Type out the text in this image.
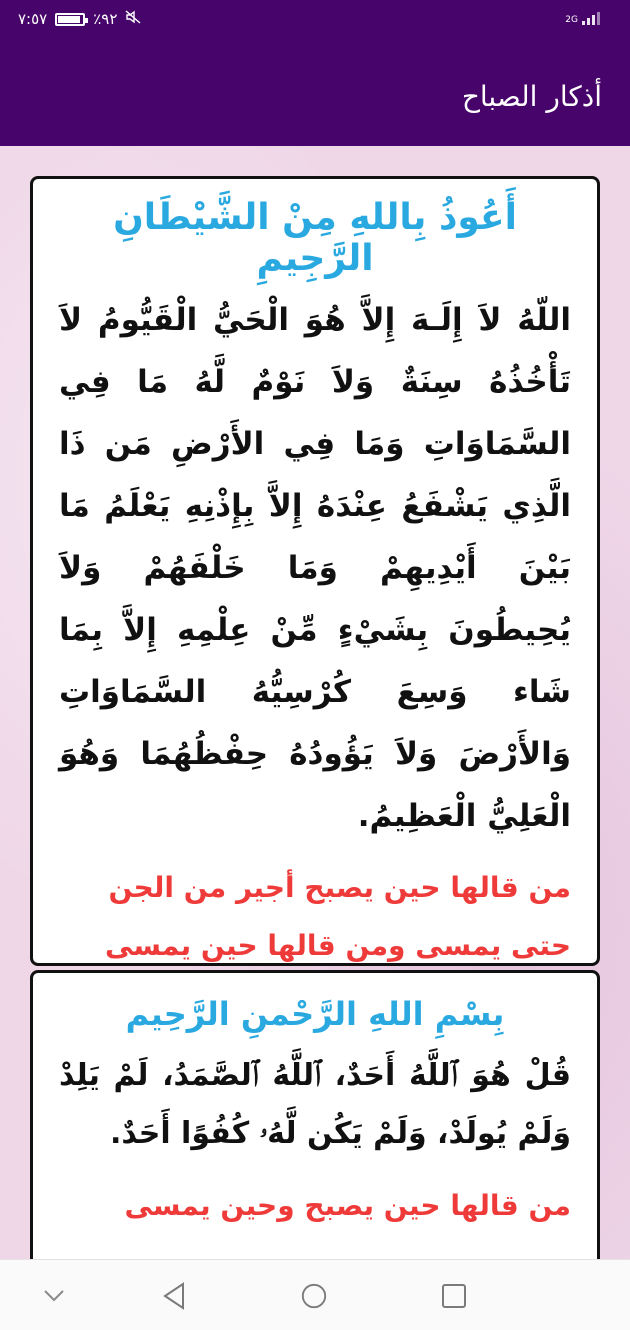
٧:٥٧	٪٩٢	2G
أذكار الصباح
أَعُوذُ بِاللهِ مِنْ الشَّيْطَانِ الرَّجِيمِ
اللّهُ لاَ إِلَـهَ إِلاَّ هُوَ الْحَيُّ الْقَيُّومُ لاَ تَأْخُذُهُ سِنَةٌ وَلاَ نَوْمٌ لَّهُ مَا فِي السَّمَاوَاتِ وَمَا فِي الأَرْضِ مَن ذَا الَّذِي يَشْفَعُ عِنْدَهُ إِلاَّ بِإِذْنِهِ يَعْلَمُ مَا بَيْنَ أَيْدِيهِمْ وَمَا خَلْفَهُمْ وَلاَ يُحِيطُونَ بِشَيْءٍ مِّنْ عِلْمِهِ إِلاَّ بِمَا شَاء وَسِعَ كُرْسِيُّهُ السَّمَاوَاتِ وَالأَرْضَ وَلاَ يَؤُودُهُ حِفْظُهُمَا وَهُوَ الْعَلِيُّ الْعَظِيمُ.
من قالها حين يصبح أجير من الجن حتى يمسى ومن قالها حين يمسى
بِسْمِ اللهِ الرَّحْمنِ الرَّحِيم
قُلْ هُوَ ٱللَّهُ أَحَدٌ، ٱللَّهُ ٱلصَّمَدُ، لَمْ يَلِدْ وَلَمْ يُولَدْ، وَلَمْ يَكُن لَّهُۥ كُفُوًا أَحَدٌ.
من قالها حين يصبح وحين يمسى
